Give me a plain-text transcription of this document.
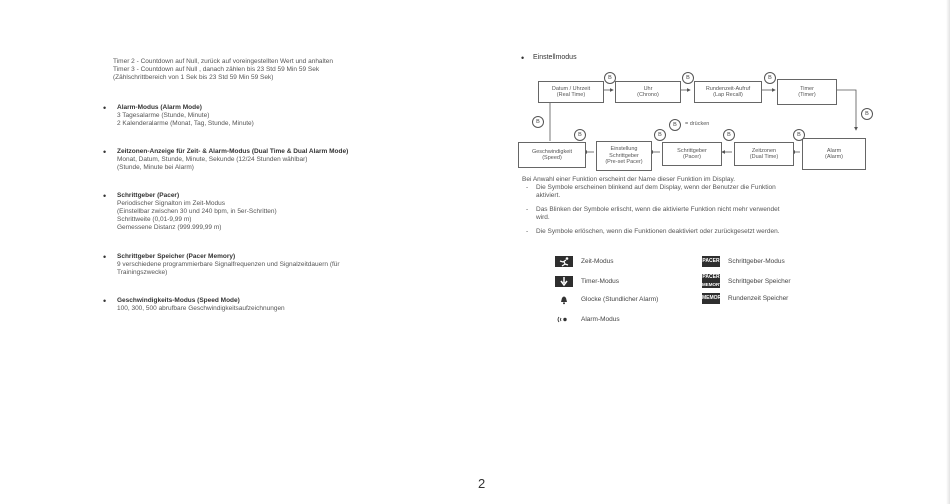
Timer 2 - Countdown auf Null, zurück auf voreingestellten Wert und anhalten
Timer 3 - Countdown auf Null , danach zählen bis 23 Std 59 Min 59 Sek
(Zählschrittbereich von 1 Sek bis 23 Std 59 Min 59 Sek)
• Alarm-Modus (Alarm Mode)
3 Tagesalarme (Stunde, Minute)
2 Kalenderalarme (Monat, Tag, Stunde, Minute)
• Zeitzonen-Anzeige für Zeit- & Alarm-Modus (Dual Time & Dual Alarm Mode)
Monat, Datum, Stunde, Minute, Sekunde (12/24 Stunden wählbar)
(Stunde, Minute bei Alarm)
• Schrittgeber (Pacer)
Periodischer Signalton im Zeit-Modus
(Einstellbar zwischen 30 und 240 bpm, in 5er-Schritten)
Schrittweite (0,01-9,99 m)
Gemessene Distanz (999.999,99 m)
• Schrittgeber Speicher (Pacer Memory)
9 verschiedene programmierbare Signalfrequenzen und Signalzeitdauern (für
Trainingszwecke)
• Geschwindigkeits-Modus (Speed Mode)
100, 300, 500 abrufbare Geschwindigkeitsaufzeichnungen
• Einstellmodus
Datum / Uhrzeit
(Real Time)
Uhr
(Chrono)
Rundenzeit-Aufruf
(Lap Recall)
Timer
(Timer)
Geschwindigkeit
(Speed)
Einstellung
Schrittgeber
(Pre-set Pacer)
Schrittgeber
(Pacer)
Zeitzonen
(Dual Time)
Alarm
(Alarm)
B	B	B
B
B
B	B	B	B
B	= drücken
Bei Anwahl einer Funktion erscheint der Name dieser Funktion im Display.
- Die Symbole erscheinen blinkend auf dem Display, wenn der Benutzer die Funktion
aktiviert.
- Das Blinken der Symbole erlischt, wenn die aktivierte Funktion nicht mehr verwendet
wird.
- Die Symbole erlöschen, wenn die Funktionen deaktiviert oder zurückgesetzt werden.
Zeit-Modus
Timer-Modus
Glocke (Stundlicher Alarm)
Alarm-Modus
PACER Schrittgeber-Modus
PACER
MEMORY Schrittgeber Speicher
MEMORY Rundenzeit Speicher
2
